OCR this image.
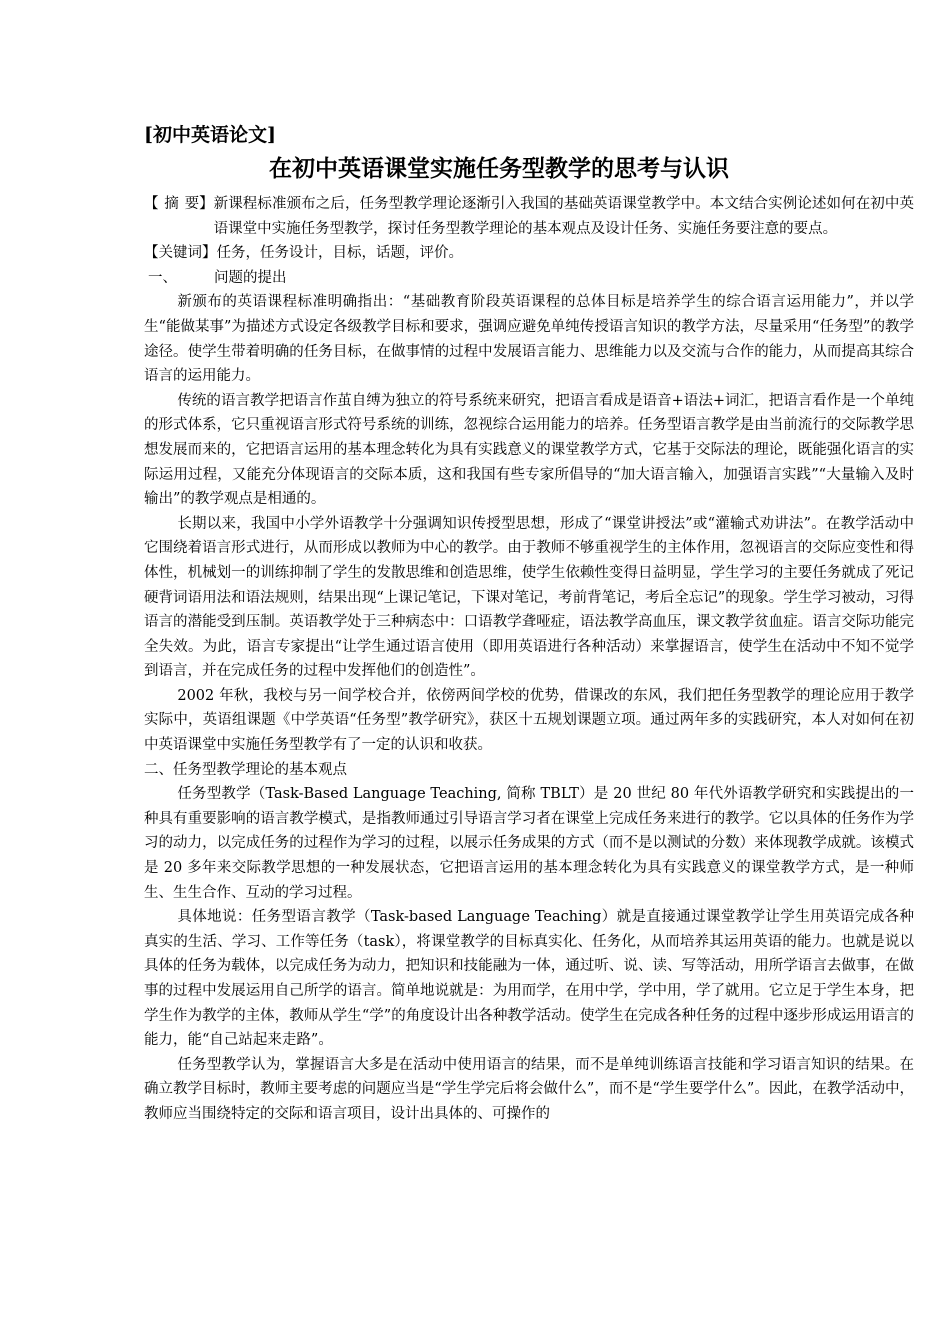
[初中英语论文]
在初中英语课堂实施任务型教学的思考与认识
【摘要】 新课程标准颁布之后，任务型教学理论逐渐引入我国的基础英语课堂教学中。本文结合实例论述如何在初中英语课堂中实施任务型教学，探讨任务型教学理论的基本观点及设计任务、实施任务要注意的要点。
【关键词】任务，任务设计，目标，话题，评价。
一、	问题的提出

新颁布的英语课程标准明确指出：“基础教育阶段英语课程的总体目标是培养学生的综合语言运用能力”，并以学生“能做某事”为描述方式设定各级教学目标和要求，强调应避免单纯传授语言知识的教学方法，尽量采用“任务型”的教学途径。使学生带着明确的任务目标，在做事情的过程中发展语言能力、思维能力以及交流与合作的能力，从而提高其综合语言的运用能力。

传统的语言教学把语言作茧自缚为独立的符号系统来研究，把语言看成是语音+语法+词汇，把语言看作是一个单纯的形式体系，它只重视语言形式符号系统的训练，忽视综合运用能力的培养。任务型语言教学是由当前流行的交际教学思想发展而来的，它把语言运用的基本理念转化为具有实践意义的课堂教学方式，它基于交际法的理论，既能强化语言的实际运用过程，又能充分体现语言的交际本质，这和我国有些专家所倡导的“加大语言输入，加强语言实践”“大量输入及时输出”的教学观点是相通的。

长期以来，我国中小学外语教学十分强调知识传授型思想，形成了“课堂讲授法”或“灌输式劝讲法”。在教学活动中它围绕着语言形式进行，从而形成以教师为中心的教学。由于教师不够重视学生的主体作用，忽视语言的交际应变性和得体性，机械划一的训练抑制了学生的发散思维和创造思维，使学生依赖性变得日益明显，学生学习的主要任务就成了死记硬背词语用法和语法规则，结果出现“上课记笔记，下课对笔记，考前背笔记，考后全忘记”的现象。学生学习被动，习得语言的潜能受到压制。英语教学处于三种病态中：口语教学聋哑症，语法教学高血压，课文教学贫血症。语言交际功能完全失效。为此，语言专家提出“让学生通过语言使用（即用英语进行各种活动）来掌握语言，使学生在活动中不知不觉学到语言，并在完成任务的过程中发挥他们的创造性”。

2002 年秋，我校与另一间学校合并，依傍两间学校的优势，借课改的东风，我们把任务型教学的理论应用于教学实际中，英语组课题《中学英语“任务型”教学研究》，获区十五规划课题立项。通过两年多的实践研究，本人对如何在初中英语课堂中实施任务型教学有了一定的认识和收获。

二、任务型教学理论的基本观点

任务型教学（Task-Based Language Teaching, 简称 TBLT）是 20 世纪 80 年代外语教学研究和实践提出的一种具有重要影响的语言教学模式，是指教师通过引导语言学习者在课堂上完成任务来进行的教学。它以具体的任务作为学习的动力，以完成任务的过程作为学习的过程，以展示任务成果的方式（而不是以测试的分数）来体现教学成就。该模式是 20 多年来交际教学思想的一种发展状态，它把语言运用的基本理念转化为具有实践意义的课堂教学方式，是一种师生、生生合作、互动的学习过程。

具体地说：任务型语言教学（Task-based Language Teaching）就是直接通过课堂教学让学生用英语完成各种真实的生活、学习、工作等任务（task），将课堂教学的目标真实化、任务化，从而培养其运用英语的能力。也就是说以具体的任务为载体，以完成任务为动力，把知识和技能融为一体，通过听、说、读、写等活动，用所学语言去做事，在做事的过程中发展运用自己所学的语言。简单地说就是：为用而学，在用中学，学中用，学了就用。它立足于学生本身，把学生作为教学的主体，教师从学生“学”的角度设计出各种教学活动。使学生在完成各种任务的过程中逐步形成运用语言的能力，能“自己站起来走路”。

任务型教学认为，掌握语言大多是在活动中使用语言的结果，而不是单纯训练语言技能和学习语言知识的结果。在确立教学目标时，教师主要考虑的问题应当是“学生学完后将会做什么”，而不是“学生要学什么”。因此，在教学活动中，教师应当围绕特定的交际和语言项目，设计出具体的、可操作的
